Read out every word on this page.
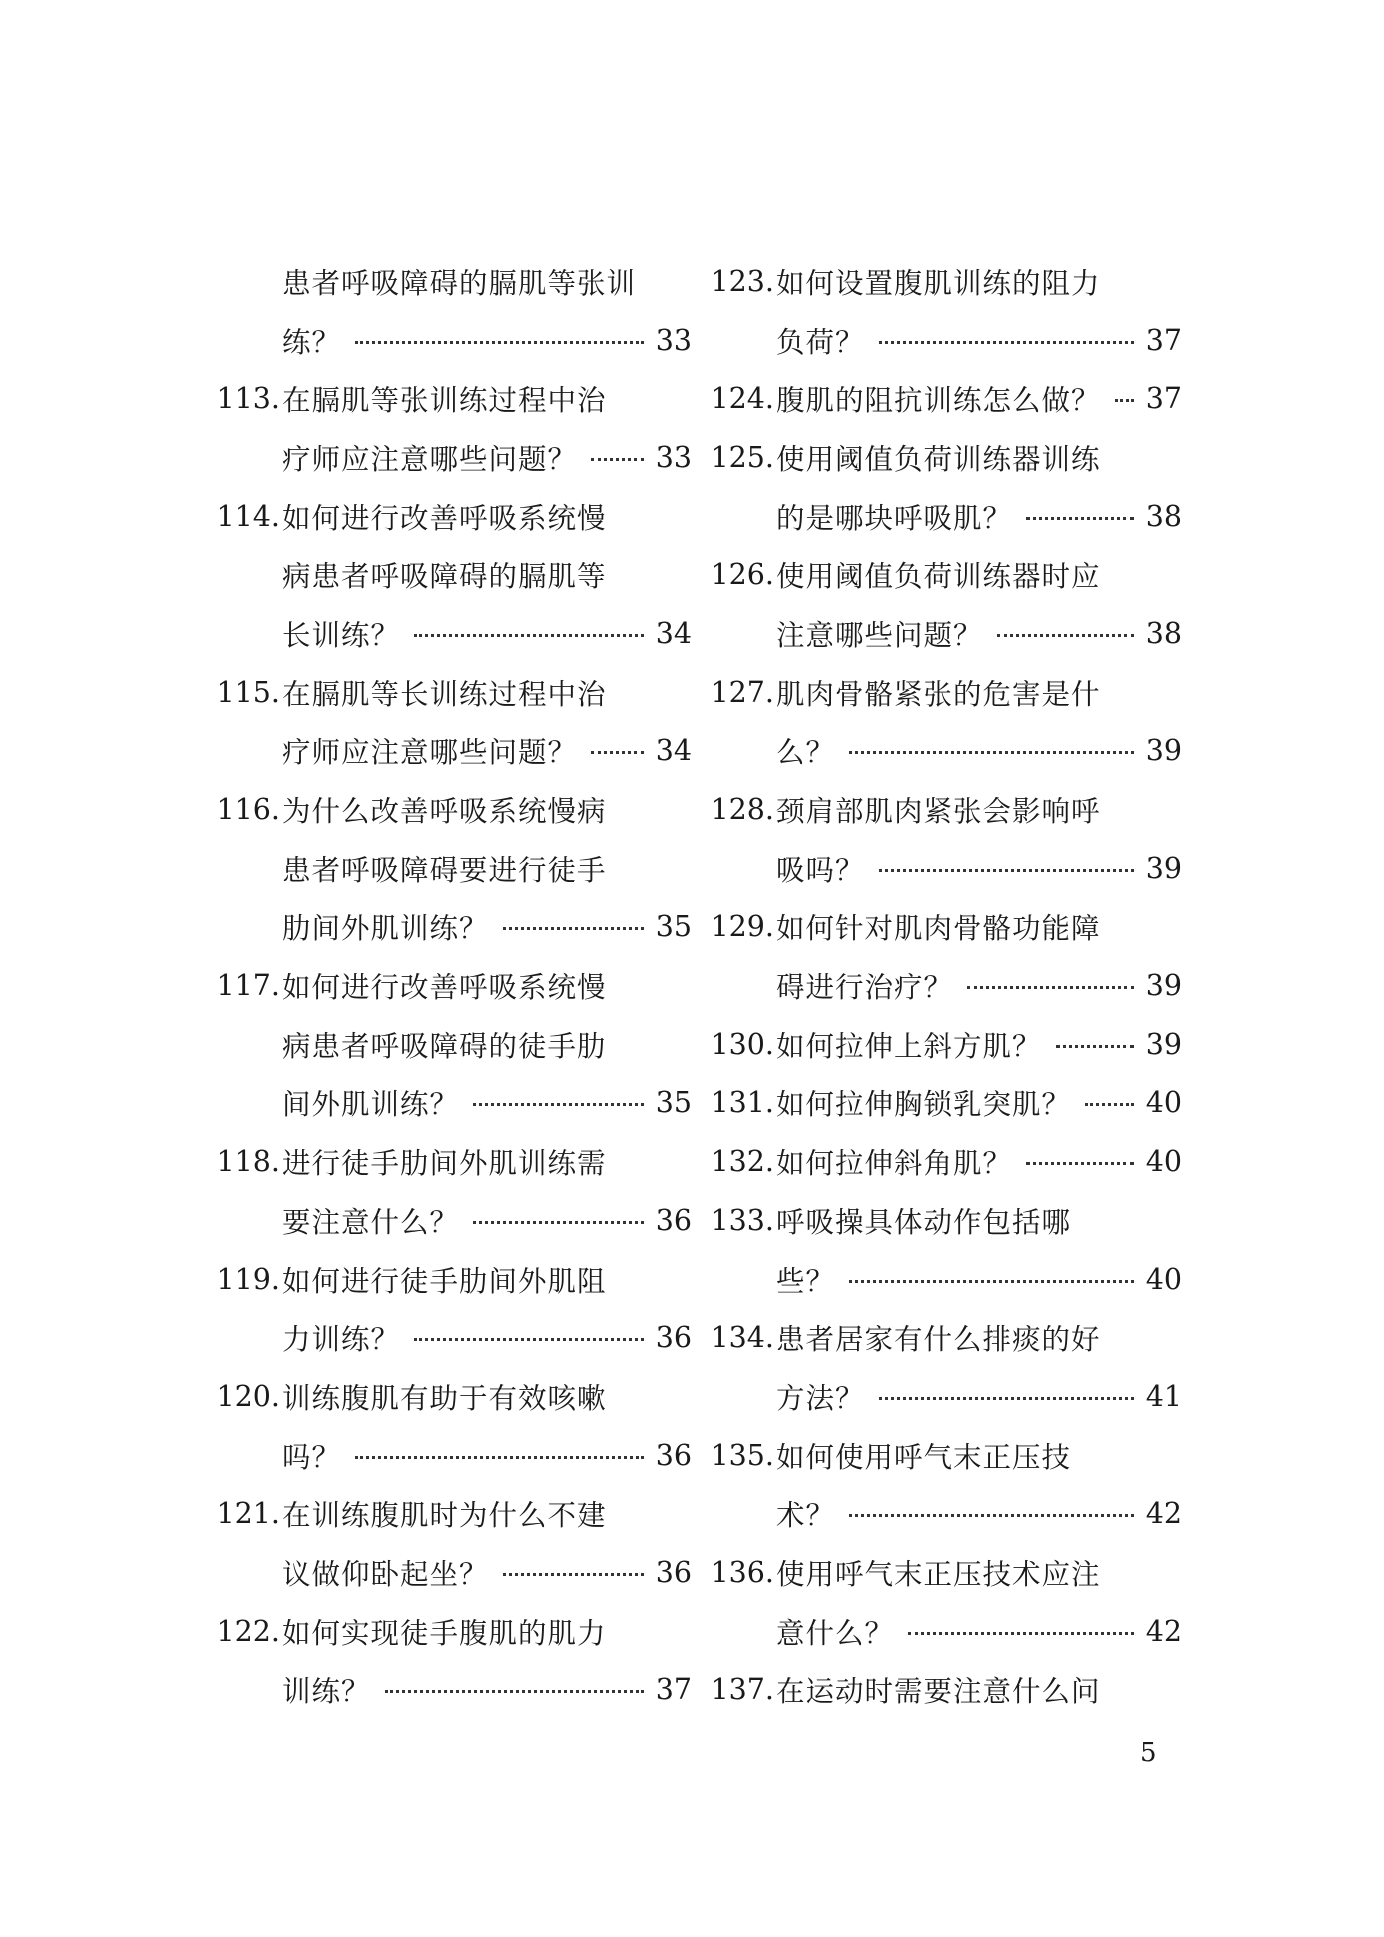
患者呼吸障碍的膈肌等张训
练？	33
113. 在膈肌等张训练过程中治
疗师应注意哪些问题？	33
114. 如何进行改善呼吸系统慢
病患者呼吸障碍的膈肌等
长训练？	34
115. 在膈肌等长训练过程中治
疗师应注意哪些问题？	34
116. 为什么改善呼吸系统慢病
患者呼吸障碍要进行徒手
肋间外肌训练？	35
117. 如何进行改善呼吸系统慢
病患者呼吸障碍的徒手肋
间外肌训练？	35
118. 进行徒手肋间外肌训练需
要注意什么？	36
119. 如何进行徒手肋间外肌阻
力训练？	36
120. 训练腹肌有助于有效咳嗽
吗？	36
121. 在训练腹肌时为什么不建
议做仰卧起坐？	36
122. 如何实现徒手腹肌的肌力
训练？	37
123. 如何设置腹肌训练的阻力
负荷？	37
124. 腹肌的阻抗训练怎么做？ 37
125. 使用阈值负荷训练器训练
的是哪块呼吸肌？	38
126. 使用阈值负荷训练器时应
注意哪些问题？	38
127. 肌肉骨骼紧张的危害是什
么？	39
128. 颈肩部肌肉紧张会影响呼
吸吗？	39
129. 如何针对肌肉骨骼功能障
碍进行治疗？	39
130. 如何拉伸上斜方肌？	39
131. 如何拉伸胸锁乳突肌？	40
132. 如何拉伸斜角肌？	40
133. 呼吸操具体动作包括哪
些？	40
134. 患者居家有什么排痰的好
方法？	41
135. 如何使用呼气末正压技
术？	42
136. 使用呼气末正压技术应注
意什么？	42
137. 在运动时需要注意什么问
5
